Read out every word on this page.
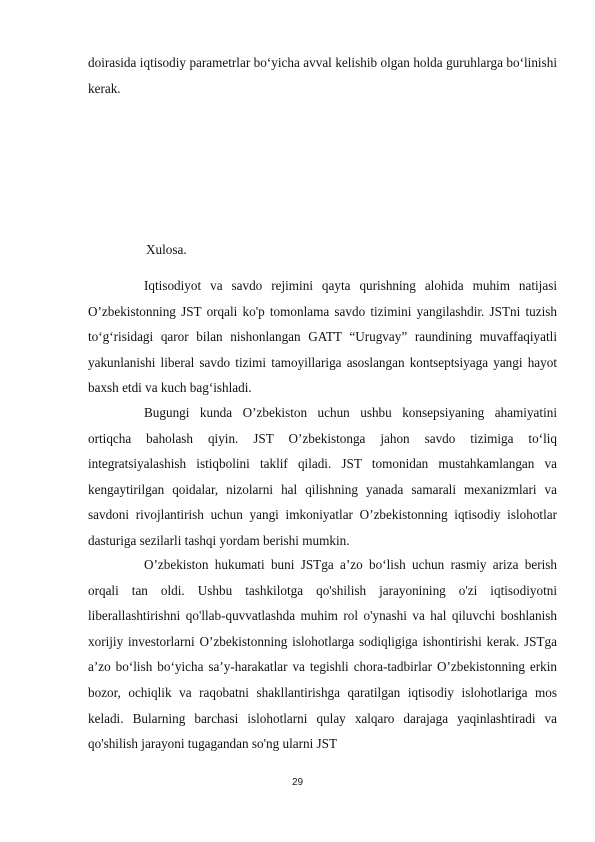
doirasida iqtisodiy parametrlar bo‘yicha avval kelishib olgan holda guruhlarga bo‘linishi kerak.

Xulosa.

Iqtisodiyot va savdo rejimini qayta qurishning alohida muhim natijasi O’zbekistonning JST orqali ko'p tomonlama savdo tizimini yangilashdir. JSTni tuzish to‘g‘risidagi qaror bilan nishonlangan GATT “Urugvay” raundining muvaffaqiyatli yakunlanishi liberal savdo tizimi tamoyillariga asoslangan kontseptsiyaga yangi hayot baxsh etdi va kuch bag‘ishladi.

Bugungi kunda O’zbekiston uchun ushbu konsepsiyaning ahamiyatini ortiqcha baholash qiyin. JST O’zbekistonga jahon savdo tizimiga to‘liq integratsiyalashish istiqbolini taklif qiladi. JST tomonidan mustahkamlangan va kengaytirilgan qoidalar, nizolarni hal qilishning yanada samarali mexanizmlari va savdoni rivojlantirish uchun yangi imkoniyatlar O’zbekistonning iqtisodiy islohotlar dasturiga sezilarli tashqi yordam berishi mumkin.

O’zbekiston hukumati buni JSTga a’zo bo‘lish uchun rasmiy ariza berish orqali tan oldi. Ushbu tashkilotga qo'shilish jarayonining o'zi iqtisodiyotni liberallashtirishni qo'llab-quvvatlashda muhim rol o'ynashi va hal qiluvchi boshlanish xorijiy investorlarni O’zbekistonning islohotlarga sodiqligiga ishontirishi kerak. JSTga a’zo bo‘lish bo‘yicha sa’y-harakatlar va tegishli chora-tadbirlar O’zbekistonning erkin bozor, ochiqlik va raqobatni shakllantirishga qaratilgan iqtisodiy islohotlariga mos keladi. Bularning barchasi islohotlarni qulay xalqaro darajaga yaqinlashtiradi va qo'shilish jarayoni tugagandan so'ng ularni JST

29
